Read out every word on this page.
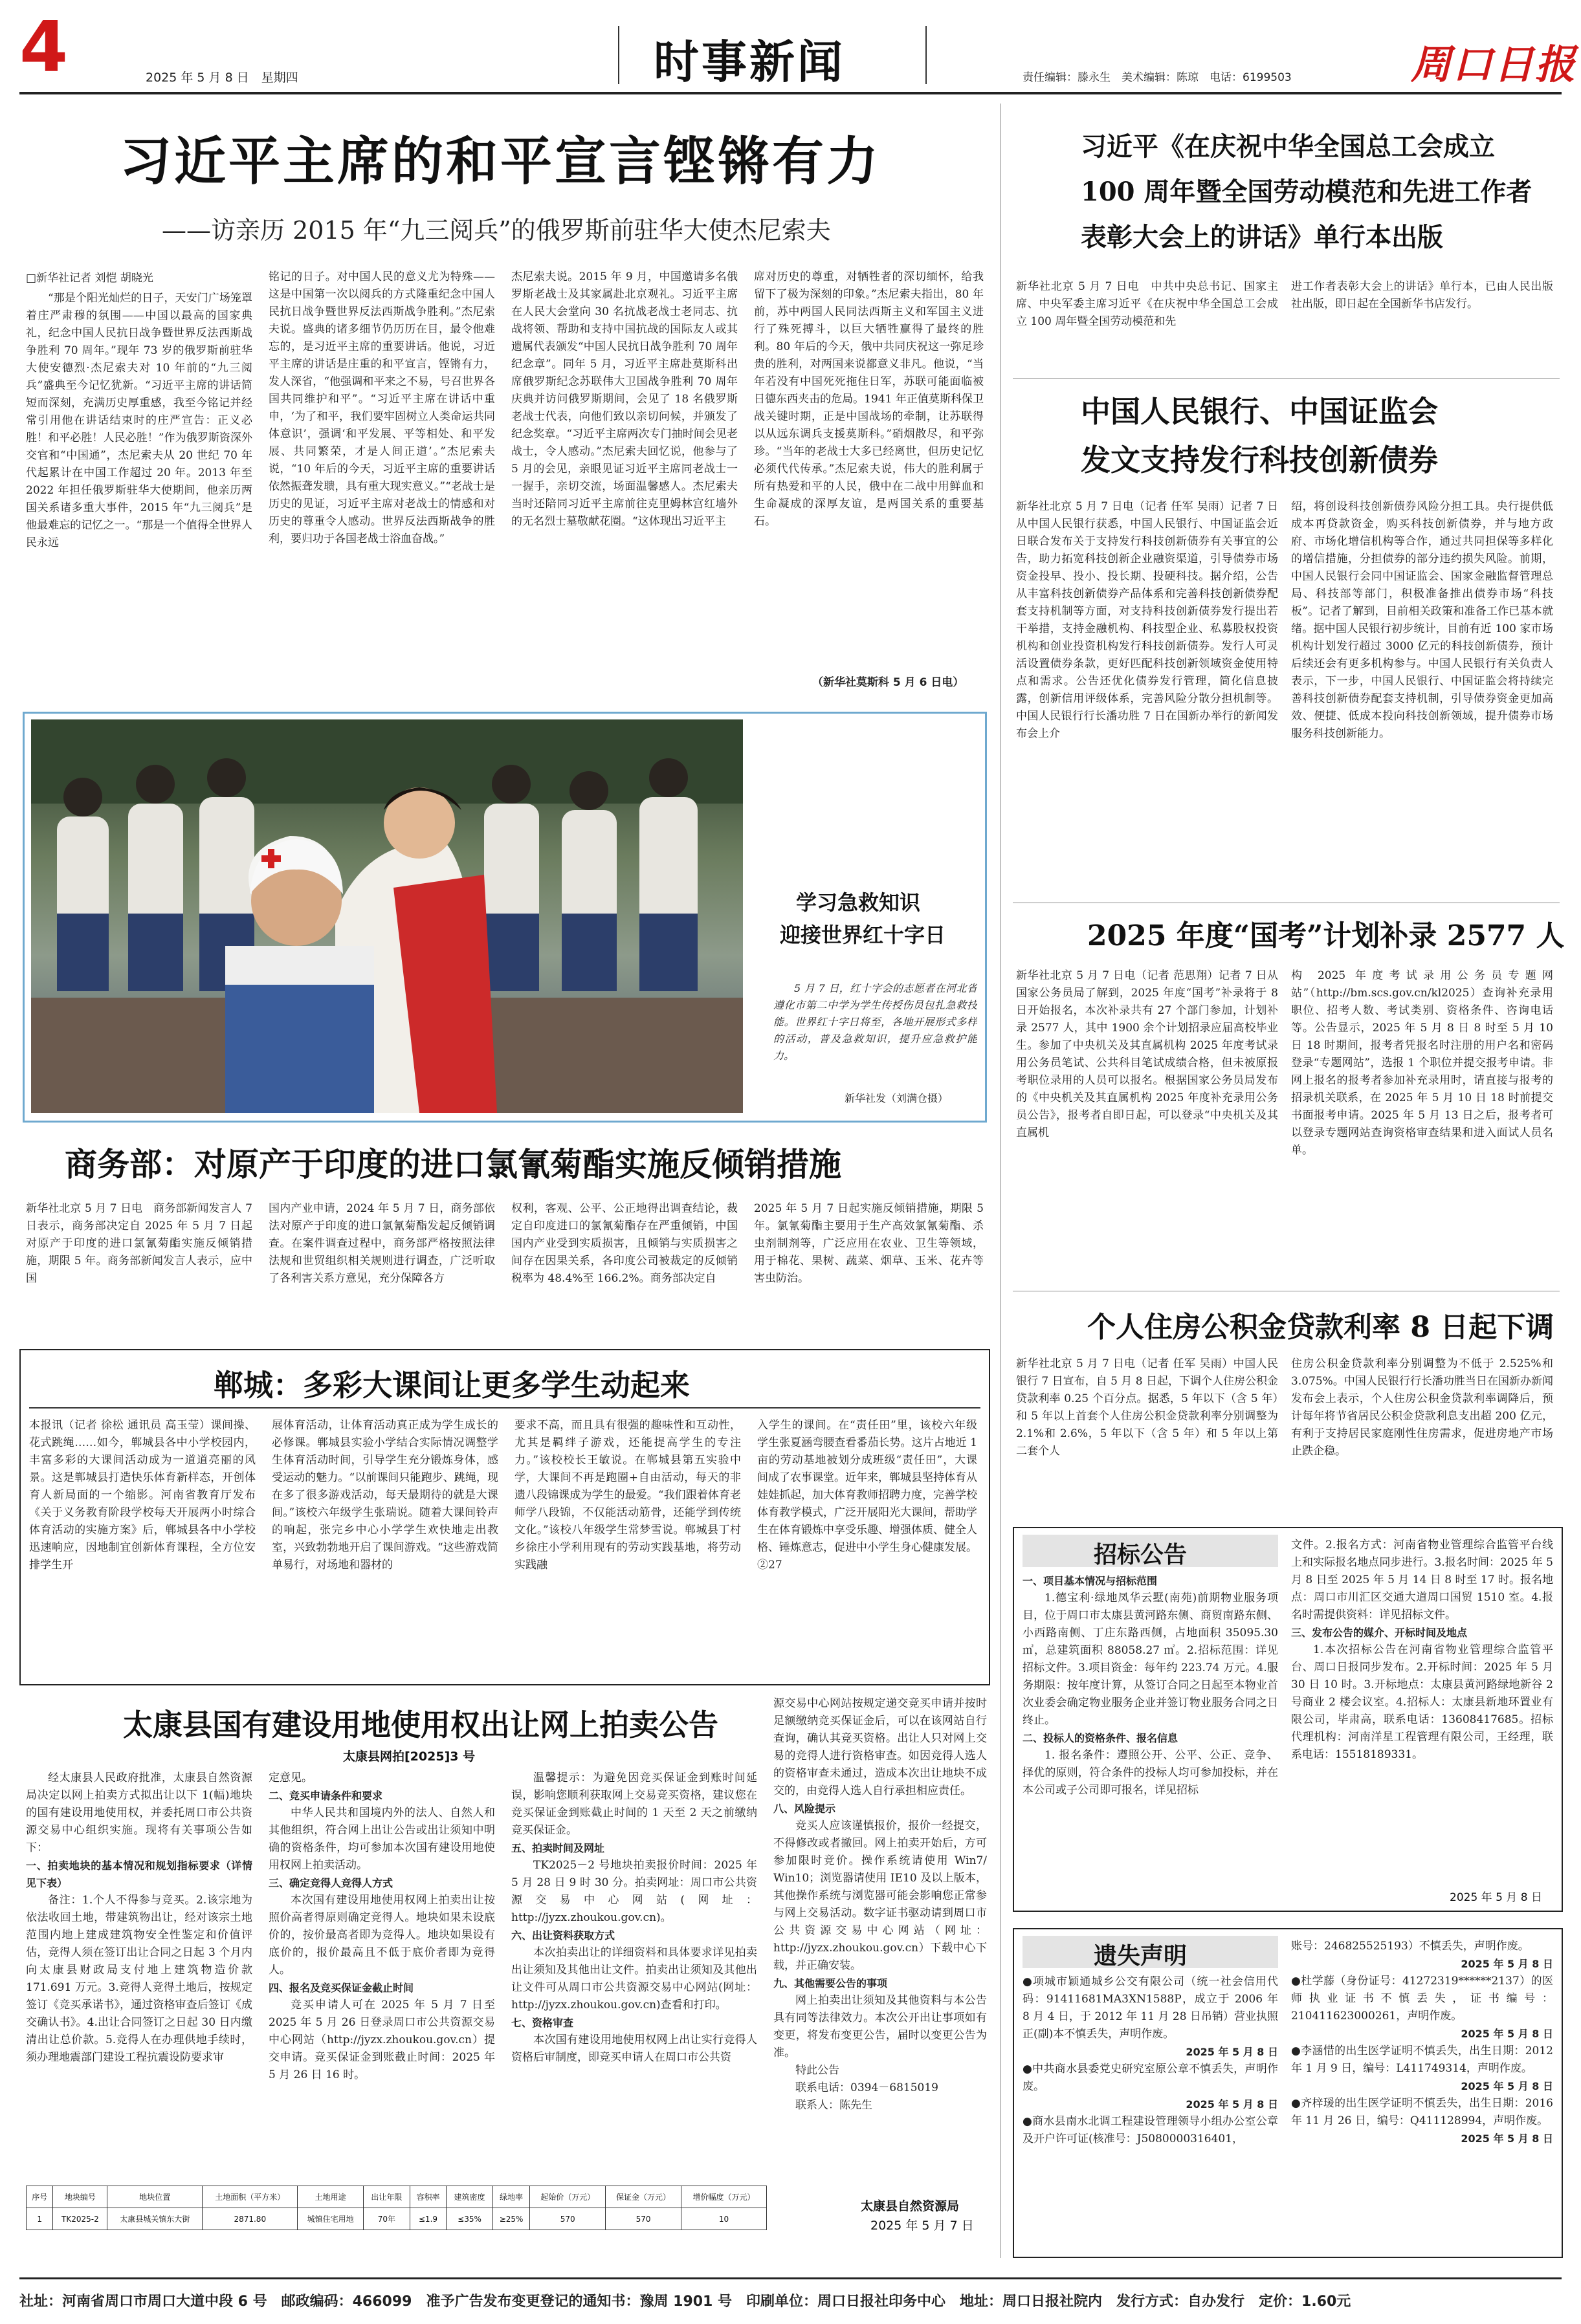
4	2025 年 5 月 8 日　星期四	时事新闻	责任编辑：滕永生　美术编辑：陈琼　电话：6199503	周口日报
习近平主席的和平宣言铿锵有力
——访亲历 2015 年“九三阅兵”的俄罗斯前驻华大使杰尼索夫
□新华社记者 刘恺 胡晓光
“那是个阳光灿烂的日子，天安门广场笼罩着庄严肃穆的氛围——中国以最高的国家典礼，纪念中国人民抗日战争暨世界反法西斯战争胜利 70 周年。”现年 73 岁的俄罗斯前驻华大使安德烈·杰尼索夫对 10 年前的“九三阅兵”盛典至今记忆犹新。“习近平主席的讲话简短而深刻，充满历史厚重感，我至今铭记并经常引用他在讲话结束时的庄严宣告：正义必胜！和平必胜！人民必胜！”作为俄罗斯资深外交官和“中国通”，杰尼索夫从 20 世纪 70 年代起累计在中国工作超过 20 年。2013 年至 2022 年担任俄罗斯驻华大使期间，他亲历两国关系诸多重大事件，2015 年“九三阅兵”是他最难忘的记忆之一。“那是一个值得全世界人民永远
铭记的日子。对中国人民的意义尤为特殊——这是中国第一次以阅兵的方式隆重纪念中国人民抗日战争暨世界反法西斯战争胜利。”杰尼索夫说。盛典的诸多细节仍历历在目，最令他难忘的，是习近平主席的重要讲话。他说，习近平主席的讲话是庄重的和平宣言，铿锵有力，发人深省，“他强调和平来之不易，号召世界各国共同维护和平”。“习近平主席在讲话中重申，‘为了和平，我们要牢固树立人类命运共同体意识’，强调‘和平发展、平等相处、和平发展、共同繁荣，才是人间正道’。”杰尼索夫说，“10 年后的今天，习近平主席的重要讲话依然振聋发聩，具有重大现实意义。”“老战士是历史的见证，习近平主席对老战士的情感和对历史的尊重令人感动。世界反法西斯战争的胜利，要归功于各国老战士浴血奋战。”
杰尼索夫说。2015 年 9 月，中国邀请多名俄罗斯老战士及其家属赴北京观礼。习近平主席在人民大会堂向 30 名抗战老战士老同志、抗战将领、帮助和支持中国抗战的国际友人或其遗属代表颁发“中国人民抗日战争胜利 70 周年纪念章”。同年 5 月，习近平主席赴莫斯科出席俄罗斯纪念苏联伟大卫国战争胜利 70 周年庆典并访问俄罗斯期间，会见了 18 名俄罗斯老战士代表，向他们致以亲切问候，并颁发了纪念奖章。“习近平主席两次专门抽时间会见老战士，令人感动。”杰尼索夫回忆说，他参与了 5 月的会见，亲眼见证习近平主席同老战士一一握手，亲切交流，场面温馨感人。杰尼索夫当时还陪同习近平主席前往克里姆林宫红墙外的无名烈士墓敬献花圈。“这体现出习近平主
席对历史的尊重，对牺牲者的深切缅怀，给我留下了极为深刻的印象。”杰尼索夫指出，80 年前，苏中两国人民同法西斯主义和军国主义进行了殊死搏斗，以巨大牺牲赢得了最终的胜利。80 年后的今天，俄中共同庆祝这一弥足珍贵的胜利，对两国来说都意义非凡。他说，“当年若没有中国死死拖住日军，苏联可能面临被日德东西夹击的危局。1941 年正值莫斯科保卫战关键时期，正是中国战场的牵制，让苏联得以从远东调兵支援莫斯科。”硝烟散尽，和平弥珍。“当年的老战士大多已经离世，但历史记忆必须代代传承。”杰尼索夫说，伟大的胜利属于所有热爱和平的人民，俄中在二战中用鲜血和生命凝成的深厚友谊，是两国关系的重要基石。
（新华社莫斯科 5 月 6 日电）
学习急救知识
迎接世界红十字日
5 月 7 日，红十字会的志愿者在河北省遵化市第二中学为学生传授伤员包扎急救技能。世界红十字日将至，各地开展形式多样的活动，普及急救知识，提升应急救护能力。
新华社发（刘满仓摄）
商务部：对原产于印度的进口氯氰菊酯实施反倾销措施
新华社北京 5 月 7 日电　商务部新闻发言人 7 日表示，商务部决定自 2025 年 5 月 7 日起对原产于印度的进口氯氰菊酯实施反倾销措施，期限 5 年。商务部新闻发言人表示，应中国
国内产业申请，2024 年 5 月 7 日，商务部依法对原产于印度的进口氯氰菊酯发起反倾销调查。在案件调查过程中，商务部严格按照法律法规和世贸组织相关规则进行调查，广泛听取了各利害关系方意见，充分保障各方
权利，客观、公平、公正地得出调查结论，裁定自印度进口的氯氰菊酯存在严重倾销，中国国内产业受到实质损害，且倾销与实质损害之间存在因果关系，各印度公司被裁定的反倾销税率为 48.4%至 166.2%。商务部决定自
2025 年 5 月 7 日起实施反倾销措施，期限 5 年。氯氰菊酯主要用于生产高效氯氰菊酯、杀虫剂制剂等，广泛应用在农业、卫生等领域，用于棉花、果树、蔬菜、烟草、玉米、花卉等害虫防治。
郸城：多彩大课间让更多学生动起来
本报讯（记者 徐松 通讯员 高玉莹）课间操、花式跳绳……如今，郸城县各中小学校园内，丰富多彩的大课间活动成为一道道亮丽的风景。这是郸城县打造快乐体育新样态，开创体育人新局面的一个缩影。河南省教育厅发布《关于义务教育阶段学校每天开展两小时综合体育活动的实施方案》后，郸城县各中小学校迅速响应，因地制宜创新体育课程，全方位安排学生开
展体育活动，让体育活动真正成为学生成长的必修课。郸城县实验小学结合实际情况调整学生体育活动时间，引导学生充分锻炼身体，感受运动的魅力。“以前课间只能跑步、跳绳，现在多了很多游戏活动，每天最期待的就是大课间。”该校六年级学生张瑞说。随着大课间铃声的响起，张完乡中心小学学生欢快地走出教室，兴致勃勃地开启了课间游戏。“这些游戏简单易行，对场地和器材的
要求不高，而且具有很强的趣味性和互动性，尤其是羁绊子游戏，还能提高学生的专注力。”该校校长王敏说。在郸城县第五实验中学，大课间不再是跑圈+自由活动，每天的非遗八段锦课成为学生的最爱。“我们跟着体育老师学八段锦，不仅能活动筋骨，还能学到传统文化。”该校八年级学生常梦雪说。郸城县丁村乡徐庄小学利用现有的劳动实践基地，将劳动实践融
入学生的课间。在“责任田”里，该校六年级学生张夏涵弯腰查看番茄长势。这片占地近 1 亩的劳动基地被划分成班级“责任田”，大课间成了农事课堂。近年来，郸城县坚持体育从娃娃抓起，加大体育教师招聘力度，完善学校体育教学模式，广泛开展阳光大课间，帮助学生在体育锻炼中享受乐趣、增强体质、健全人格、锤炼意志，促进中小学生身心健康发展。②27
太康县国有建设用地使用权出让网上拍卖公告
太康县网拍[2025]3 号
经太康县人民政府批准，太康县自然资源局决定以网上拍卖方式拟出让以下 1(幅)地块的国有建设用地使用权，并委托周口市公共资源交易中心组织实施。现将有关事项公告如下：
一、拍卖地块的基本情况和规划指标要求（详情见下表）
备注：1.个人不得参与竞买。2.该宗地为依法收回土地，带建筑物出让，经对该宗土地范围内地上建成建筑物安全性鉴定和价值评估，竞得人须在签订出让合同之日起 3 个月内向太康县财政局支付地上建筑物造价款 171.691 万元。3.竞得人竞得土地后，按规定签订《竞买承诺书》，通过资格审查后签订《成交确认书》。4.出让合同签订之日起 30 日内缴清出让总价款。5.竞得人在办理供地手续时，须办理地震部门建设工程抗震设防要求审
定意见。
二、竞买申请条件和要求
中华人民共和国境内外的法人、自然人和其他组织，符合网上出让公告或出让须知中明确的资格条件，均可参加本次国有建设用地使用权网上拍卖活动。
三、确定竞得人竞得人方式
本次国有建设用地使用权网上拍卖出让按照价高者得原则确定竞得人。地块如果未设底价的，按价最高者即为竞得人。地块如果设有底价的，报价最高且不低于底价者即为竞得人。
四、报名及竞买保证金截止时间
竞买申请人可在 2025 年 5 月 7 日至 2025 年 5 月 26 日登录周口市公共资源交易中心网站（http://jyzx.zhoukou.gov.cn）提交申请。竞买保证金到账截止时间：2025 年 5 月 26 日 16 时。
温馨提示：为避免因竞买保证金到账时间延误，影响您顺利获取网上交易竞买资格，建议您在竞买保证金到账截止时间的 1 天至 2 天之前缴纳竞买保证金。
五、拍卖时间及网址
TK2025－2 号地块拍卖报价时间：2025 年 5 月 28 日 9 时 30 分。拍卖网址：周口市公共资源交易中心网站(网址：http://jyzx.zhoukou.gov.cn)。
六、出让资料获取方式
本次拍卖出让的详细资料和具体要求详见拍卖出让须知及其他出让文件。拍卖出让须知及其他出让文件可从周口市公共资源交易中心网站(网址：http://jyzx.zhoukou.gov.cn)查看和打印。
七、资格审查
本次国有建设用地使用权网上出让实行竞得人资格后审制度，即竞买申请人在周口市公共资
源交易中心网站按规定递交竞买申请并按时足额缴纳竞买保证金后，可以在该网站自行查询，确认其竞买资格。出让人只对网上交易的竞得人进行资格审查。如因竞得人选人的资格审查未通过，造成本次出让地块不成交的，由竞得人选人自行承担相应责任。
八、风险提示
竞买人应该谨慎报价，报价一经提交，不得修改或者撤回。网上拍卖开始后，方可参加限时竞价。操作系统请使用 Win7/ Win10；浏览器请使用 IE10 及以上版本，其他操作系统与浏览器可能会影响您正常参与网上交易活动。数字证书驱动请到周口市公共资源交易中心网站（网址：http://jyzx.zhoukou.gov.cn）下载中心下载，并正确安装。
九、其他需要公告的事项
网上拍卖出让须知及其他资料与本公告具有同等法律效力。本次公开出让事项如有变更，将发布变更公告，届时以变更公告为准。
特此公告
联系电话：0394－6815019
联系人：陈先生
太康县自然资源局
2025 年 5 月 7 日
序号	地块编号	地块位置	土地面积（平方米）	土地用途	出让年限	容积率	建筑密度	绿地率	起始价（万元）	保证金（万元）	增价幅度（万元）
1	TK2025-2	太康县城关镇东大街	2871.80	城镇住宅用地	70年	≤1.9	≤35%	≥25%	570	570	10
习近平《在庆祝中华全国总工会成立
100 周年暨全国劳动模范和先进工作者
表彰大会上的讲话》单行本出版
新华社北京 5 月 7 日电　中共中央总书记、国家主席、中央军委主席习近平《在庆祝中华全国总工会成立 100 周年暨全国劳动模范和先
进工作者表彰大会上的讲话》单行本，已由人民出版社出版，即日起在全国新华书店发行。
中国人民银行、中国证监会
发文支持发行科技创新债券
新华社北京 5 月 7 日电（记者 任军 吴雨）记者 7 日从中国人民银行获悉，中国人民银行、中国证监会近日联合发布关于支持发行科技创新债券有关事宜的公告，助力拓宽科技创新企业融资渠道，引导债券市场资金投早、投小、投长期、投硬科技。据介绍，公告从丰富科技创新债券产品体系和完善科技创新债券配套支持机制等方面，对支持科技创新债券发行提出若干举措，支持金融机构、科技型企业、私募股权投资机构和创业投资机构发行科技创新债券。发行人可灵活设置债券条款，更好匹配科技创新领域资金使用特点和需求。公告还优化债券发行管理，简化信息披露，创新信用评级体系，完善风险分散分担机制等。中国人民银行行长潘功胜 7 日在国新办举行的新闻发布会上介
绍，将创设科技创新债券风险分担工具。央行提供低成本再贷款资金，购买科技创新债券，并与地方政府、市场化增信机构等合作，通过共同担保等多样化的增信措施，分担债券的部分违约损失风险。前期，中国人民银行会同中国证监会、国家金融监督管理总局、科技部等部门，积极准备推出债券市场“科技板”。记者了解到，目前相关政策和准备工作已基本就绪。据中国人民银行初步统计，目前有近 100 家市场机构计划发行超过 3000 亿元的科技创新债券，预计后续还会有更多机构参与。中国人民银行有关负责人表示，下一步，中国人民银行、中国证监会将持续完善科技创新债券配套支持机制，引导债券资金更加高效、便捷、低成本投向科技创新领域，提升债券市场服务科技创新能力。
2025 年度“国考”计划补录 2577 人
新华社北京 5 月 7 日电（记者 范思翔）记者 7 日从国家公务员局了解到，2025 年度“国考”补录将于 8 日开始报名，本次补录共有 27 个部门参加，计划补录 2577 人，其中 1900 余个计划招录应届高校毕业生。参加了中央机关及其直属机构 2025 年度考试录用公务员笔试、公共科目笔试成绩合格，但未被原报考职位录用的人员可以报名。根据国家公务员局发布的《中央机关及其直属机构 2025 年度补充录用公务员公告》，报考者自即日起，可以登录“中央机关及其直属机
构 2025 年度考试录用公务员专题网站”（http://bm.scs.gov.cn/kl2025）查询补充录用职位、招考人数、考试类别、资格条件、咨询电话等。公告显示，2025 年 5 月 8 日 8 时至 5 月 10 日 18 时期间，报考者凭报名时注册的用户名和密码登录“专题网站”，选报 1 个职位并提交报考申请。非网上报名的报考者参加补充录用时，请直接与报考的招录机关联系，在 2025 年 5 月 10 日 18 时前提交书面报考申请。2025 年 5 月 13 日之后，报考者可以登录专题网站查询资格审查结果和进入面试人员名单。
个人住房公积金贷款利率 8 日起下调
新华社北京 5 月 7 日电（记者 任军 吴雨）中国人民银行 7 日宣布，自 5 月 8 日起，下调个人住房公积金贷款利率 0.25 个百分点。据悉，5 年以下（含 5 年）和 5 年以上首套个人住房公积金贷款利率分别调整为 2.1%和 2.6%，5 年以下（含 5 年）和 5 年以上第二套个人
住房公积金贷款利率分别调整为不低于 2.525%和 3.075%。中国人民银行行长潘功胜当日在国新办新闻发布会上表示，个人住房公积金贷款利率调降后，预计每年将节省居民公积金贷款利息支出超 200 亿元，有利于支持居民家庭刚性住房需求，促进房地产市场止跌企稳。
招标公告
一、项目基本情况与招标范围
1.德宝利·绿地凤华云墅(南苑)前期物业服务项目，位于周口市太康县黄河路东侧、商贸南路东侧、小西路南侧、丁庄东路西侧，占地面积 35095.30 ㎡，总建筑面积 88058.27 ㎡。2.招标范围：详见招标文件。3.项目资金：每年约 223.74 万元。4.服务期限：按年度计算，从签订合同之日起至本物业首次业委会确定物业服务企业并签订物业服务合同之日终止。
二、投标人的资格条件、报名信息
1. 报名条件：遵照公开、公平、公正、竞争、择优的原则，符合条件的投标人均可参加投标，并在本公司或子公司即可报名，详见招标
文件。2.报名方式：河南省物业管理综合监管平台线上和实际报名地点同步进行。3.报名时间：2025 年 5 月 8 日至 2025 年 5 月 14 日 8 时至 17 时。报名地点：周口市川汇区交通大道周口国贸 1510 室。4.报名时需提供资料：详见招标文件。
三、发布公告的媒介、开标时间及地点
1.本次招标公告在河南省物业管理综合监管平台、周口日报同步发布。2.开标时间：2025 年 5 月 30 日 10 时。3.开标地点：太康县黄河路绿地新谷 2 号商业 2 楼会议室。4.招标人：太康县新地环置业有限公司，毕肃高，联系电话：13608417685。招标代理机构：河南洋星工程管理有限公司，王经理，联系电话：15518189331。
2025 年 5 月 8 日
遗失声明
●项城市颖通城乡公交有限公司（统一社会信用代码：91411681MA3XN1588P，成立于 2006 年 8 月 4 日，于 2012 年 11 月 28 日吊销）营业执照正(副)本不慎丢失，声明作废。
2025 年 5 月 8 日
●中共商水县委党史研究室原公章不慎丢失，声明作废。
2025 年 5 月 8 日
●商水县南水北调工程建设管理领导小组办公室公章及开户许可证(核准号：J5080000316401，
账号：246825525193）不慎丢失，声明作废。
2025 年 5 月 8 日
●杜学藤（身份证号：41272319******2137）的医师执业证书不慎丢失，证书编号：210411623000261，声明作废。
2025 年 5 月 8 日
●李涵惜的出生医学证明不慎丢失，出生日期：2012 年 1 月 9 日，编号：L411749314，声明作废。
2025 年 5 月 8 日
●齐梓瑗的出生医学证明不慎丢失，出生日期：2016 年 11 月 26 日，编号：Q411128994，声明作废。
2025 年 5 月 8 日
社址：河南省周口市周口大道中段 6 号　邮政编码：466099　准予广告发布变更登记的通知书：豫周 1901 号　印刷单位：周口日报社印务中心　地址：周口日报社院内　发行方式：自办发行　定价：1.60元
